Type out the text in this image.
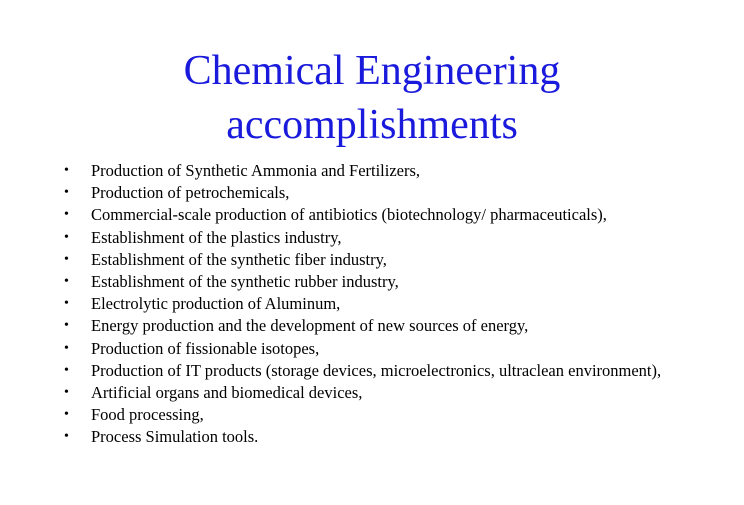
Chemical Engineering
accomplishments
• Production of Synthetic Ammonia and Fertilizers,
• Production of petrochemicals,
• Commercial-scale production of antibiotics (biotechnology/ pharmaceuticals),
• Establishment of the plastics industry,
• Establishment of the synthetic fiber industry,
• Establishment of the synthetic rubber industry,
• Electrolytic production of Aluminum,
• Energy production and the development of new sources of energy,
• Production of fissionable isotopes,
• Production of IT products (storage devices, microelectronics, ultraclean environment),
• Artificial organs and biomedical devices,
• Food processing,
• Process Simulation tools.
